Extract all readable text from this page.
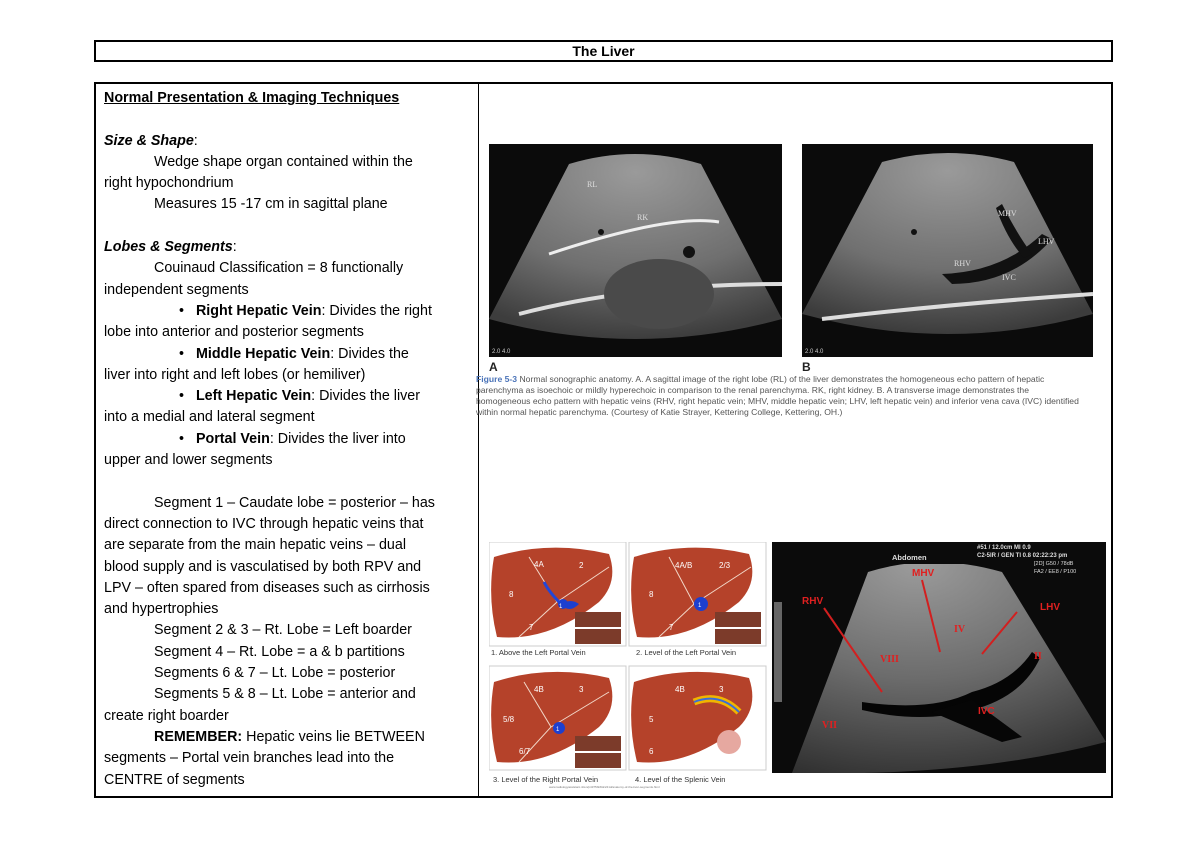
The Liver

Normal Presentation & Imaging Techniques

Size & Shape:

Wedge shape organ contained within the

right hypochondrium

Measures 15 -17 cm in sagittal plane

Lobes & Segments:

Couinaud Classification = 8 functionally

independent segments

• Right Hepatic Vein: Divides the right

lobe into anterior and posterior segments

• Middle Hepatic Vein: Divides the

liver into right and left lobes (or hemiliver)

• Left Hepatic Vein: Divides the liver

into a medial and lateral segment

• Portal Vein: Divides the liver into

upper and lower segments

Segment 1 – Caudate lobe = posterior – has

direct connection to IVC through hepatic veins that

are separate from the main hepatic veins – dual

blood supply and is vasculatised by both RPV and

LPV – often spared from diseases such as cirrhosis

and hypertrophies

Segment 2 & 3 – Rt. Lobe = Left boarder

Segment 4 – Rt. Lobe = a & b partitions

Segments 6 & 7 – Lt. Lobe = posterior

Segments 5 & 8 – Lt. Lobe = anterior and

create right boarder

REMEMBER: Hepatic veins lie BETWEEN

segments – Portal vein branches lead into the

CENTRE of segments

RL
RK
2.0 4.0
A
MHV
LHV
RHV
IVC
2.0 4.0
B
Figure 5-3 Normal sonographic anatomy. A. A sagittal image of the right lobe (RL) of the liver demonstrates the homogeneous echo pattern of hepatic parenchyma as isoechoic or mildly hyperechoic in comparison to the renal parenchyma. RK, right kidney. B. A transverse image demonstrates the homogeneous echo pattern with hepatic veins (RHV, right hepatic vein; MHV, middle hepatic vein; LHV, left hepatic vein) and inferior vena cava (IVC) identified within normal hepatic parenchyma. (Courtesy of Katie Strayer, Kettering College, Kettering, OH.)
4A	2
8
7
1
4A/B	2/3
8
7
1
1. Above the Left Portal Vein	2. Level of the Left Portal Vein
4B	3
5/8
6/7
1
4B	3
5
6
3. Level of the Right Portal Vein	4. Level of the Splenic Vein
www.radiologyassistant.nl/en/p4375bb8dc241d/anatomy-of-the-liver-segments.html
Abdomen
#51 / 12.0cm MI 0.9
C2-5IR / GEN TI 0.8 02:22:23 pm
[2D] G50 / 78dB
FA2 / EE8 / P100
MHV
RHV
LHV
IV
VIII	II
IVC
VII
